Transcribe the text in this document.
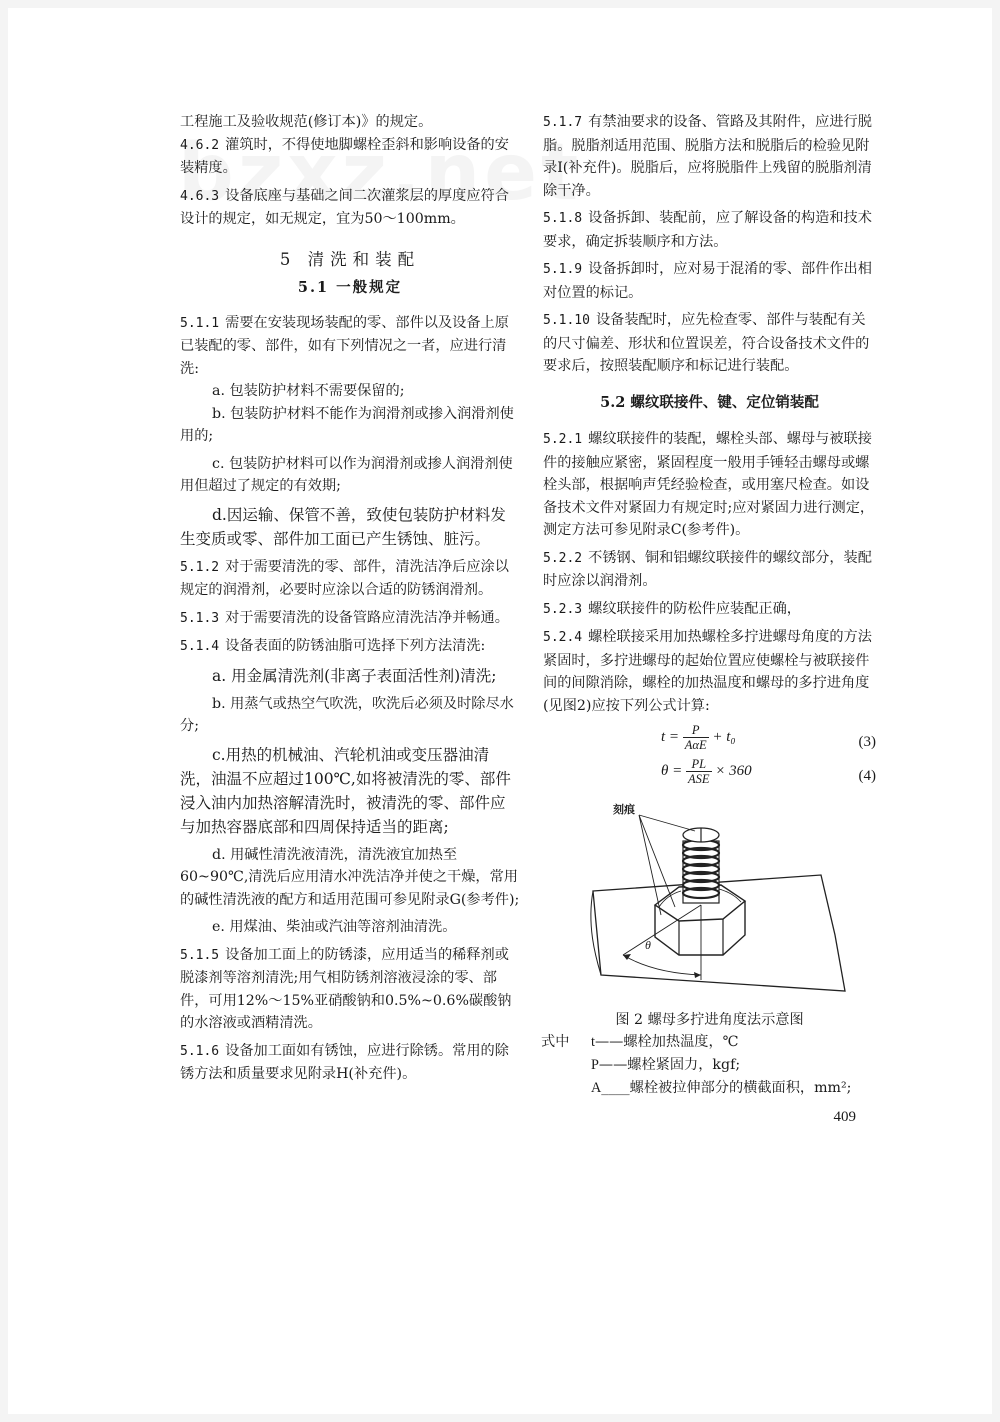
工程施工及验收规范(修订本)》的规定。

4.6.2 灌筑时，不得使地脚螺栓歪斜和影响设备的安装精度。

4.6.3 设备底座与基础之间二次灌浆层的厚度应符合设计的规定，如无规定，宜为50～100mm。

5 清洗和装配

5.1 一般规定

5.1.1 需要在安装现场装配的零、部件以及设备上原已装配的零、部件，如有下列情况之一者，应进行清洗:

a. 包装防护材料不需要保留的;

b. 包装防护材料不能作为润滑剂或掺入润滑剂使用的;

c. 包装防护材料可以作为润滑剂或掺人润滑剂使用但超过了规定的有效期;

d.因运输、保管不善，致使包装防护材料发生变质或零、部件加工面已产生锈蚀、脏污。

5.1.2 对于需要清洗的零、部件，清洗洁净后应涂以规定的润滑剂，必要时应涂以合适的防锈润滑剂。

5.1.3 对于需要清洗的设备管路应清洗洁净并畅通。

5.1.4 设备表面的防锈油脂可选择下列方法清洗:

a. 用金属清洗剂(非离子表面活性剂)清洗;

b. 用蒸气或热空气吹洗，吹洗后必须及时除尽水分;

c.用热的机械油、汽轮机油或变压器油清洗，油温不应超过100℃,如将被清洗的零、部件浸入油内加热溶解清洗时，被清洗的零、部件应与加热容器底部和四周保持适当的距离;

d. 用碱性清洗液清洗，清洗液宜加热至60~90℃,清洗后应用清水冲洗洁净并使之干燥，常用的碱性清洗液的配方和适用范围可参见附录G(参考件);

e. 用煤油、柴油或汽油等溶剂油清洗。

5.1.5 设备加工面上的防锈漆，应用适当的稀释剂或脱漆剂等溶剂清洗;用气相防锈剂溶液浸涂的零、部件，可用12%～15%亚硝酸钠和0.5%~0.6%碳酸钠的水溶液或酒精清洗。

5.1.6 设备加工面如有锈蚀，应进行除锈。常用的除锈方法和质量要求见附录H(补充件)。

5.1.7 有禁油要求的设备、管路及其附件，应进行脱脂。脱脂剂适用范围、脱脂方法和脱脂后的检验见附录I(补充件)。脱脂后，应将脱脂件上残留的脱脂剂清除干净。

5.1.8 设备拆卸、装配前，应了解设备的构造和技术要求，确定拆装顺序和方法。

5.1.9 设备拆卸时，应对易于混淆的零、部件作出相对位置的标记。

5.1.10 设备装配时，应先检查零、部件与装配有关的尺寸偏差、形状和位置误差，符合设备技术文件的要求后，按照装配顺序和标记进行装配。

5.2 螺纹联接件、键、定位销装配

5.2.1 螺纹联接件的装配，螺栓头部、螺母与被联接件的接触应紧密，紧固程度一般用手锤轻击螺母或螺栓头部，根据响声凭经验检查，或用塞尺检查。如设备技术文件对紧固力有规定时;应对紧固力进行测定，测定方法可参见附录C(参考件)。

5.2.2 不锈钢、铜和铝螺纹联接件的螺纹部分，装配时应涂以润滑剂。

5.2.3 螺纹联接件的防松件应装配正确，

5.2.4 螺栓联接采用加热螺栓多拧进螺母角度的方法紧固时，多拧进螺母的起始位置应使螺栓与被联接件间的间隙消除，螺栓的加热温度和螺母的多拧进角度(见图2)应按下列公式计算:

$t = \frac{P}{\text{AαE}} + t_0$	(3)
$\theta = \frac{PL}{\text{ASE}} \times 360$	(4)
刻痕
θ

图 2 螺母多拧进角度法示意图

式中 t——螺栓加热温度，℃
P——螺栓紧固力，kgf;
A____螺栓被拉伸部分的横截面积，mm²;

409
